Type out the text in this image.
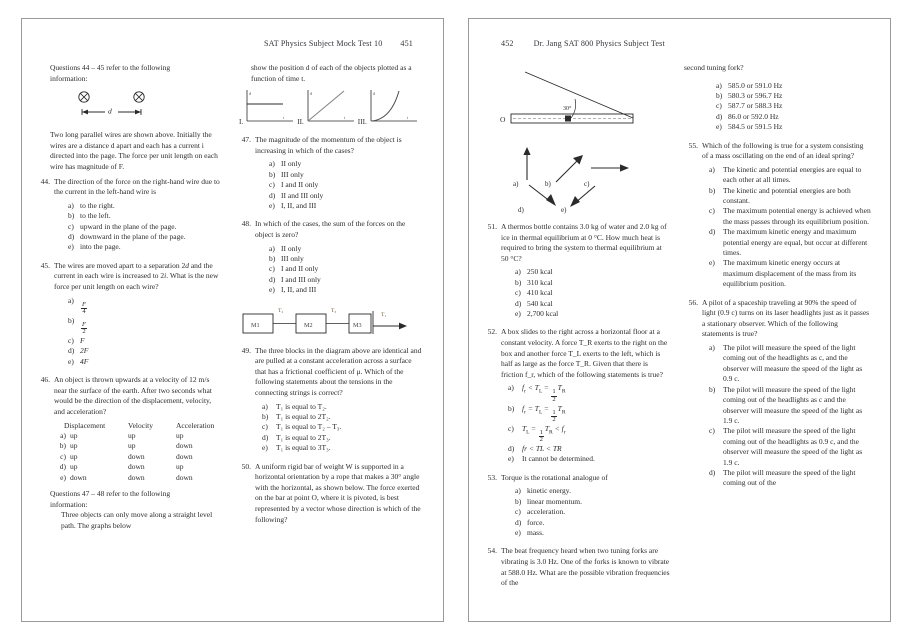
SAT Physics Subject Mock Test 10 451
Questions 44 – 45 refer to the following
information:
d
Two long parallel wires are shown above. Initially the wires are a distance d apart and each has a current i directed into the page. The force per unit length on each wire has magnitude of F.
44. The direction of the force on the right-hand wire due to the current in the left-hand wire is
a) to the right.
b) to the left.
c) upward in the plane of the page.
d) downward in the plane of the page.
e) into the page.
45. The wires are moved apart to a separation 2d and the current in each wire is increased to 2i. What is the new force per unit length on each wire?
a)
$\frac{F}{4}$
b)
$\frac{F}{2}$
c) F
d) 2F
e) 4F
46. An object is thrown upwards at a velocity of 12 m/s near the surface of the earth. After two seconds what would be the direction of the displacement, velocity, and acceleration?
Displacement	Velocity	Acceleration
a) up	up	up
b) up	up	down
c) up	down	down
d) up	down	up
e) down	down	down
Questions 47 – 48 refer to the following
information:
Three objects can only move along a straight level path. The graphs below
show the position d of each of the objects plotted as a function of time t.
I.
d
t
II.
d
t
III.
d
t
47. The magnitude of the momentum of the object is increasing in which of the cases?
a) II only
b) III only
c) I and II only
d) II and III only
e) I, II, and III
48. In which of the cases, the sum of the forces on the object is zero?
a) II only
b) III only
c) I and II only
d) I and III only
e) I, II, and III
M1
T₂
M2
T₃
M3
T₁
49. The three blocks in the diagram above are identical and are pulled at a constant acceleration across a surface that has a frictional coefficient of μ. Which of the following statements about the tensions in the connecting strings is correct?
a)	T₁ is equal to T₂.
b)	T₁ is equal to 2T₂.
c)	T₁ is equal to T₂ – T₃.
d)	T₁ is equal to 2T₃.
e)	T₁ is equal to 3T₃.
50. A uniform rigid bar of weight W is supported in a horizontal orientation by a rope that makes a 30° angle with the horizontal, as shown below. The force exerted on the bar at point O, where it is pivoted, is best represented by a vector whose direction is which of the following?
452 Dr. Jang SAT 800 Physics Subject Test
30°
O
a)	b)	c)
d)	e)
51. A thermos bottle contains 3.0 kg of water and 2.0 kg of ice in thermal equilibrium at 0 °C. How much heat is required to bring the system to thermal equilibrium at 50 °C?
a) 250 kcal
b) 310 kcal
c) 410 kcal
d) 540 kcal
e) 2,700 kcal
52. A box slides to the right across a horizontal floor at a constant velocity. A force T_R exerts to the right on the box and another force T_L exerts to the left, which is half as large as the force T_R. Given that there is friction f_r, which of the following statements is true?
a)	$f_r < T_L$ =
$\frac{1}{2}$
$T_R$
b)	$f_r = T_L$ =
$\frac{1}{2}$
$T_R$
c)	$T_L$ =
$\frac{1}{2}$
$T_R < f_r$
d)	fr < TL < TR
e)	It cannot be determined.
53. Torque is the rotational analogue of
a) kinetic energy.
b) linear momentum.
c) acceleration.
d) force.
e) mass.
54. The beat frequency heard when two tuning forks are vibrating is 3.0 Hz. One of the forks is known to vibrate at 588.0 Hz. What are the possible vibration frequencies of the
second tuning fork?
a) 585.0 or 591.0 Hz
b) 580.3 or 596.7 Hz
c) 587.7 or 588.3 Hz
d) 86.0 or 592.0 Hz
e) 584.5 or 591.5 Hz
55. Which of the following is true for a system consisting of a mass oscillating on the end of an ideal spring?
a)	The kinetic and potential energies are equal to each other at all times.
b)	The kinetic and potential energies are both constant.
c)	The maximum potential energy is achieved when the mass passes through its equilibrium position.
d)	The maximum kinetic energy and maximum potential energy are equal, but occur at different times.
e)	The maximum kinetic energy occurs at maximum displacement of the mass from its equilibrium position.
56. A pilot of a spaceship traveling at 90% the speed of light (0.9 c) turns on its laser headlights just as it passes a stationary observer. Which of the following statements is true?
a)	The pilot will measure the speed of the light coming out of the headlights as c, and the observer will measure the speed of the light as 0.9 c.
b)	The pilot will measure the speed of the light coming out of the headlights as c and the observer will measure the speed of the light as 1.9 c.
c)	The pilot will measure the speed of the light coming out of the headlights as 0.9 c, and the observer will measure the speed of the light as 1.9 c.
d)	The pilot will measure the speed of the light coming out of the
